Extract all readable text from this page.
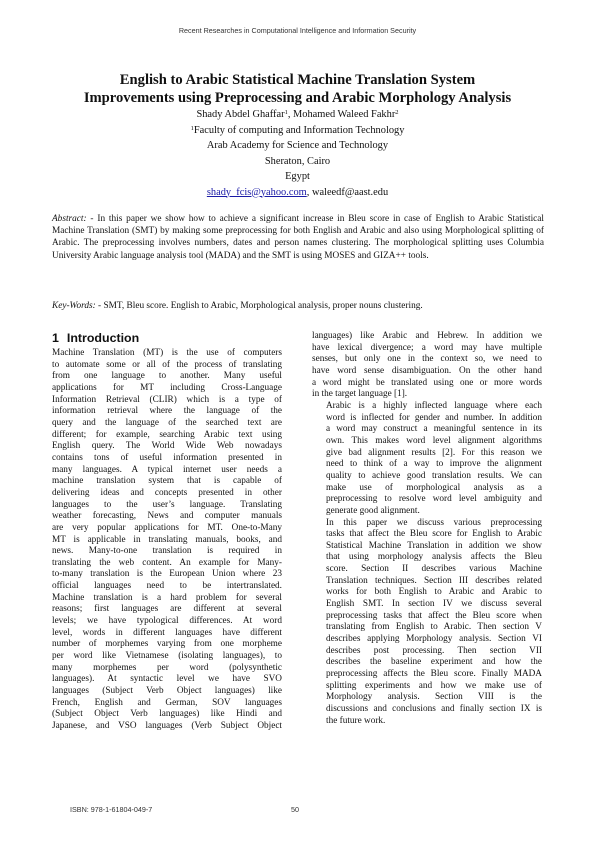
Recent Researches in Computational Intelligence and Information Security
English to Arabic Statistical Machine Translation System
Improvements using Preprocessing and Arabic Morphology Analysis
Shady Abdel Ghaffar$^1$, Mohamed Waleed Fakhr$^2$
$^1$Faculty of computing and Information Technology
Arab Academy for Science and Technology
Sheraton, Cairo
Egypt
shady_fcis@yahoo.com, waleedf@aast.edu
Abstract: - In this paper we show how to achieve a significant increase in Bleu score in case of English to Arabic Statistical Machine Translation (SMT) by making some preprocessing for both English and Arabic and also using Morphological splitting of Arabic. The preprocessing involves numbers, dates and person names clustering. The morphological splitting uses Columbia University Arabic language analysis tool (MADA) and the SMT is using MOSES and GIZA++ tools.
Key-Words: - SMT, Bleu score. English to Arabic, Morphological analysis, proper nouns clustering.
1 Introduction
Machine Translation (MT) is the use of computers
to automate some or all of the process of translating
from one language to another. Many useful
applications for MT including Cross-Language
Information Retrieval (CLIR) which is a type of
information retrieval where the language of the
query and the language of the searched text are
different; for example, searching Arabic text using
English query. The World Wide Web nowadays
contains tons of useful information presented in
many languages. A typical internet user needs a
machine translation system that is capable of
delivering ideas and concepts presented in other
languages to the user’s language. Translating
weather forecasting, News and computer manuals
are very popular applications for MT. One-to-Many
MT is applicable in translating manuals, books, and
news. Many-to-one translation is required in
translating the web content. An example for Many-
to-many translation is the European Union where 23
official languages need to be intertranslated.
Machine translation is a hard problem for several
reasons; first languages are different at several
levels; we have typological differences. At word
level, words in different languages have different
number of morphemes varying from one morpheme
per word like Vietnamese (isolating languages), to
many morphemes per word (polysynthetic
languages). At syntactic level we have SVO
languages (Subject Verb Object languages) like
French, English and German, SOV languages
(Subject Object Verb languages) like Hindi and
Japanese, and VSO languages (Verb Subject Object
languages) like Arabic and Hebrew. In addition we
have lexical divergence; a word may have multiple
senses, but only one in the context so, we need to
have word sense disambiguation. On the other hand
a word might be translated using one or more words
in the target language [1].
Arabic is a highly inflected language where each
word is inflected for gender and number. In addition
a word may construct a meaningful sentence in its
own. This makes word level alignment algorithms
give bad alignment results [2]. For this reason we
need to think of a way to improve the alignment
quality to achieve good translation results. We can
make use of morphological analysis as a
preprocessing to resolve word level ambiguity and
generate good alignment.
In this paper we discuss various preprocessing
tasks that affect the Bleu score for English to Arabic
Statistical Machine Translation in addition we show
that using morphology analysis affects the Bleu
score. Section II describes various Machine
Translation techniques. Section III describes related
works for both English to Arabic and Arabic to
English SMT. In section IV we discuss several
preprocessing tasks that affect the Bleu score when
translating from English to Arabic. Then section V
describes applying Morphology analysis. Section VI
describes post processing. Then section VII
describes the baseline experiment and how the
preprocessing affects the Bleu score. Finally MADA
splitting experiments and how we make use of
Morphology analysis. Section VIII is the
discussions and conclusions and finally section IX is
the future work.
ISBN: 978-1-61804-049-7	50
